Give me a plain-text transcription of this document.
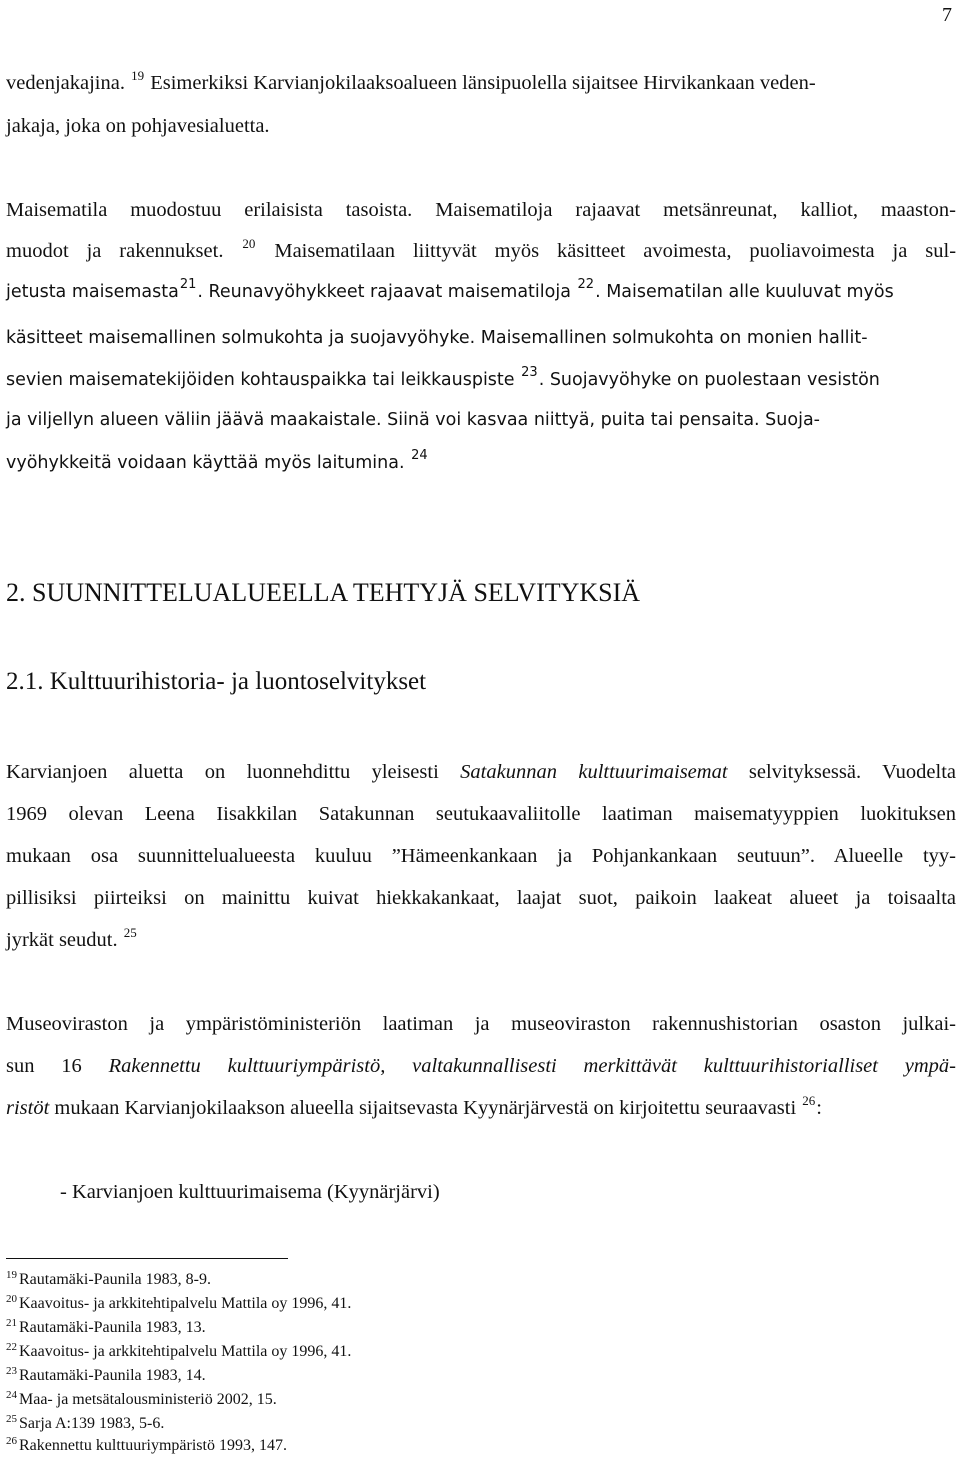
7
vedenjakajina. $^{19}$ Esimerkiksi Karvianjokilaaksoalueen länsipuolella sijaitsee Hirvikankaan veden-
jakaja, joka on pohjavesialuetta.
Maisematila muodostuu erilaisista tasoista. Maisematiloja rajaavat metsänreunat, kalliot, maaston-
muodot ja rakennukset. $^{20}$ Maisematilaan liittyvät myös käsitteet avoimesta, puoliavoimesta ja sul-
jetusta maisemasta$^{21}$. Reunavyöhykkeet rajaavat maisematiloja $^{22}$. Maisematilan alle kuuluvat myös
käsitteet maisemallinen solmukohta ja suojavyöhyke. Maisemallinen solmukohta on monien hallit-
sevien maisematekijöiden kohtauspaikka tai leikkauspiste $^{23}$. Suojavyöhyke on puolestaan vesistön
ja viljellyn alueen väliin jäävä maakaistale. Siinä voi kasvaa niittyä, puita tai pensaita. Suoja-
vyöhykkeitä voidaan käyttää myös laitumina. $^{24}$
2. SUUNNITTELUALUEELLA TEHTYJÄ SELVITYKSIÄ
2.1. Kulttuurihistoria- ja luontoselvitykset
Karvianjoen aluetta on luonnehdittu yleisesti Satakunnan kulttuurimaisemat selvityksessä. Vuodelta
1969 olevan Leena Iisakkilan Satakunnan seutukaavaliitolle laatiman maisematyyppien luokituksen
mukaan osa suunnittelualueesta kuuluu ”Hämeenkankaan ja Pohjankankaan seutuun”. Alueelle tyy-
pillisiksi piirteiksi on mainittu kuivat hiekkakankaat, laajat suot, paikoin laakeat alueet ja toisaalta
jyrkät seudut. $^{25}$
Museoviraston ja ympäristöministeriön laatiman ja museoviraston rakennushistorian osaston julkai-
sun 16 Rakennettu kulttuuriympäristö, valtakunnallisesti merkittävät kulttuurihistorialliset ympä-
ristöt mukaan Karvianjokilaakson alueella sijaitsevasta Kyynärjärvestä on kirjoitettu seuraavasti $^{26}$:
- Karvianjoen kulttuurimaisema (Kyynärjärvi)
$^{19}$ Rautamäki-Paunila 1983, 8-9.
$^{20}$ Kaavoitus- ja arkkitehtipalvelu Mattila oy 1996, 41.
$^{21}$ Rautamäki-Paunila 1983, 13.
$^{22}$ Kaavoitus- ja arkkitehtipalvelu Mattila oy 1996, 41.
$^{23}$ Rautamäki-Paunila 1983, 14.
$^{24}$ Maa- ja metsätalousministeriö 2002, 15.
$^{25}$ Sarja A:139 1983, 5-6.
$^{26}$ Rakennettu kulttuuriympäristö 1993, 147.
